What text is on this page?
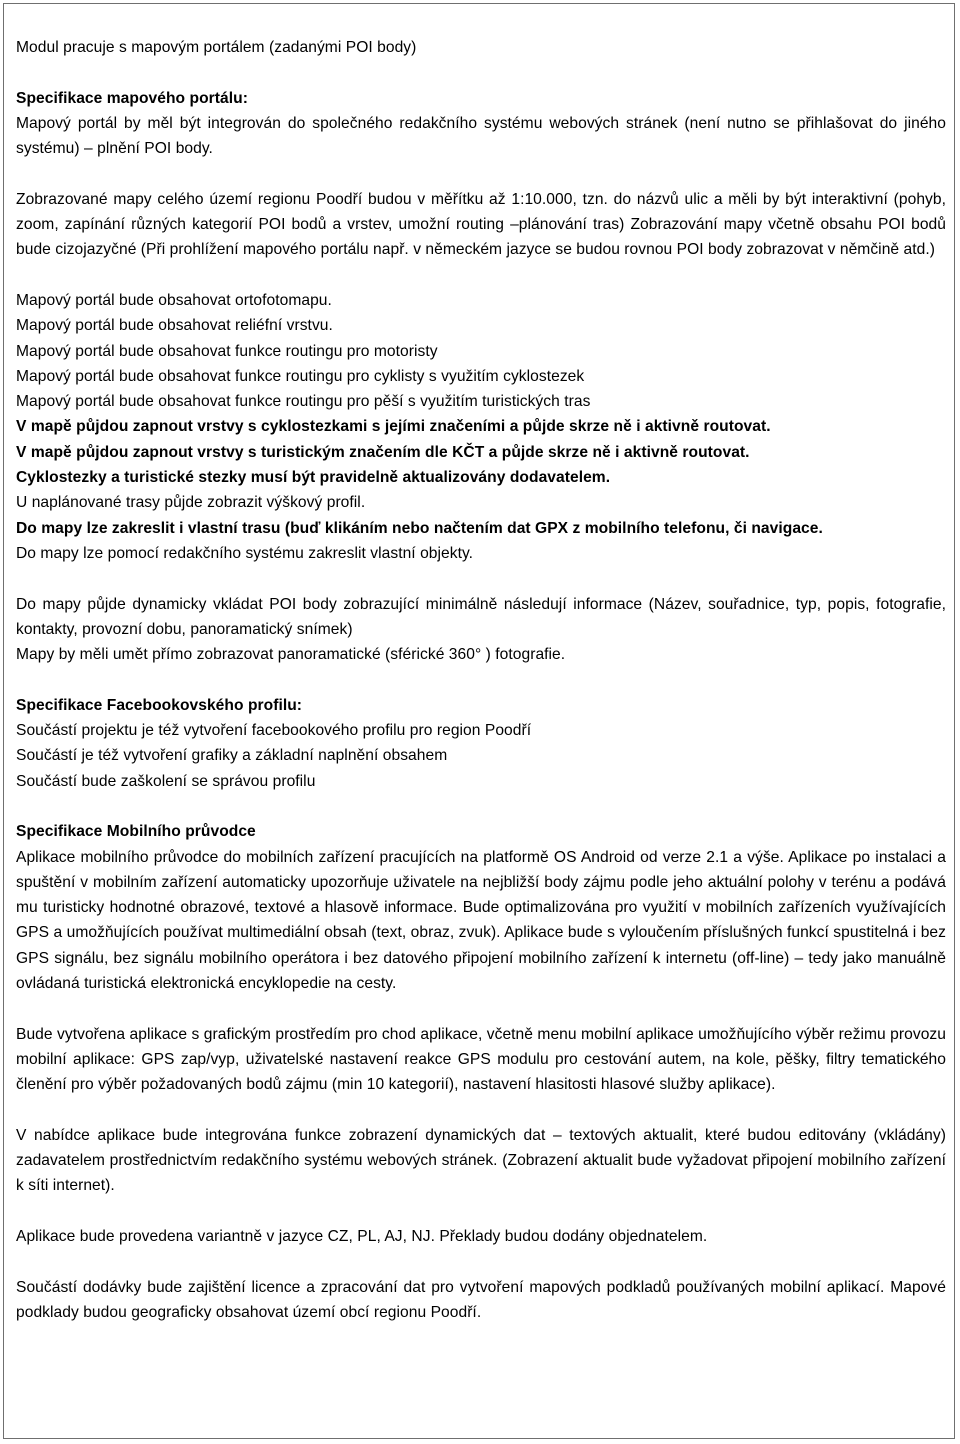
Modul pracuje s mapovým portálem (zadanými POI body)

Specifikace mapového portálu:

Mapový portál by měl být integrován do společného redakčního systému webových stránek (není nutno se přihlašovat do jiného systému) – plnění POI body.

Zobrazované mapy celého území regionu Poodří budou v měřítku až 1:10.000, tzn. do názvů ulic a měli by být interaktivní (pohyb, zoom, zapínání různých kategorií POI bodů a vrstev, umožní routing –plánování tras) Zobrazování mapy včetně obsahu POI bodů bude cizojazyčné (Při prohlížení mapového portálu např. v německém jazyce se budou rovnou POI body zobrazovat v němčině atd.)

Mapový portál bude obsahovat ortofotomapu.

Mapový portál bude obsahovat reliéfní vrstvu.

Mapový portál bude obsahovat funkce routingu pro motoristy

Mapový portál bude obsahovat funkce routingu pro cyklisty s využitím cyklostezek

Mapový portál bude obsahovat funkce routingu pro pěší s využitím turistických tras

V mapě půjdou zapnout vrstvy s cyklostezkami s jejími značeními a půjde skrze ně i aktivně routovat.

V mapě půjdou zapnout vrstvy s turistickým značením dle KČT a půjde skrze ně i aktivně routovat.

Cyklostezky a turistické stezky musí být pravidelně aktualizovány dodavatelem.

U naplánované trasy půjde zobrazit výškový profil.

Do mapy lze zakreslit i vlastní trasu (buď klikáním nebo načtením dat GPX z mobilního telefonu, či navigace.

Do mapy lze pomocí redakčního systému zakreslit vlastní objekty.

Do mapy půjde dynamicky vkládat POI body zobrazující minimálně následují informace (Název, souřadnice, typ, popis, fotografie, kontakty, provozní dobu, panoramatický snímek)

Mapy by měli umět přímo zobrazovat panoramatické (sférické 360° ) fotografie.

Specifikace Facebookovského profilu:

Součástí projektu je též vytvoření facebookového profilu pro region Poodří

Součástí je též vytvoření grafiky a základní naplnění obsahem

Součástí bude zaškolení se správou profilu

Specifikace Mobilního průvodce

Aplikace mobilního průvodce do mobilních zařízení pracujících na platformě OS Android od verze 2.1 a výše. Aplikace po instalaci a spuštění v mobilním zařízení automaticky upozorňuje uživatele na nejbližší body zájmu podle jeho aktuální polohy v terénu a podává mu turisticky hodnotné obrazové, textové a hlasově informace. Bude optimalizována pro využití v mobilních zařízeních využívajících GPS a umožňujících používat multimediální obsah (text, obraz, zvuk). Aplikace bude s vyloučením příslušných funkcí spustitelná i bez GPS signálu, bez signálu mobilního operátora i bez datového připojení mobilního zařízení k internetu (off-line) – tedy jako manuálně ovládaná turistická elektronická encyklopedie na cesty.

Bude vytvořena aplikace s grafickým prostředím pro chod aplikace, včetně menu mobilní aplikace umožňujícího výběr režimu provozu mobilní aplikace: GPS zap/vyp, uživatelské nastavení reakce GPS modulu pro cestování autem, na kole, pěšky, filtry tematického členění pro výběr požadovaných bodů zájmu (min 10 kategorií), nastavení hlasitosti hlasové služby aplikace).

V nabídce aplikace bude integrována funkce zobrazení dynamických dat – textových aktualit, které budou editovány (vkládány) zadavatelem prostřednictvím redakčního systému webových stránek. (Zobrazení aktualit bude vyžadovat připojení mobilního zařízení k síti internet).

Aplikace bude provedena variantně v jazyce CZ, PL, AJ, NJ. Překlady budou dodány objednatelem.

Součástí dodávky bude zajištění licence a zpracování dat pro vytvoření mapových podkladů používaných mobilní aplikací. Mapové podklady budou geograficky obsahovat území obcí regionu Poodří.
